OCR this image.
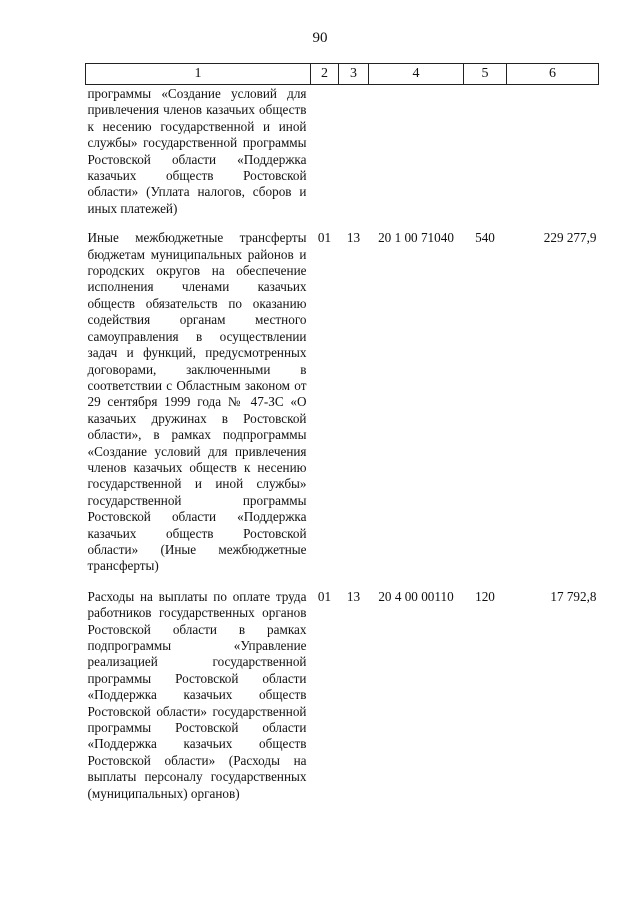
90
1	2	3	4	5	6
программы «Создание условий для привлечения членов казачьих обществ к несению государственной и иной службы» государственной программы Ростовской области «Поддержка казачьих обществ Ростовской области» (Уплата налогов, сборов и иных платежей)					
Иные межбюджетные трансферты бюджетам муниципальных районов и городских округов на обеспечение исполнения членами казачьих обществ обязательств по оказанию содействия органам местного самоуправления в осуществлении задач и функций, предусмотренных договорами, заключенными в соответствии с Областным законом от 29 сентября 1999 года № 47-ЗС «О казачьих дружинах в Ростовской области», в рамках подпрограммы «Создание условий для привлечения членов казачьих обществ к несению государственной и иной службы» государственной программы Ростовской области «Поддержка казачьих обществ Ростовской области» (Иные межбюджетные трансферты)	01	13	20 1 00 71040	540	229 277,9
Расходы на выплаты по оплате труда работников государственных органов Ростовской области в рамках подпрограммы «Управление реализацией государственной программы Ростовской области «Поддержка казачьих обществ Ростовской области» государственной программы Ростовской области «Поддержка казачьих обществ Ростовской области» (Расходы на выплаты персоналу государственных (муниципальных) органов)	01	13	20 4 00 00110	120	17 792,8
